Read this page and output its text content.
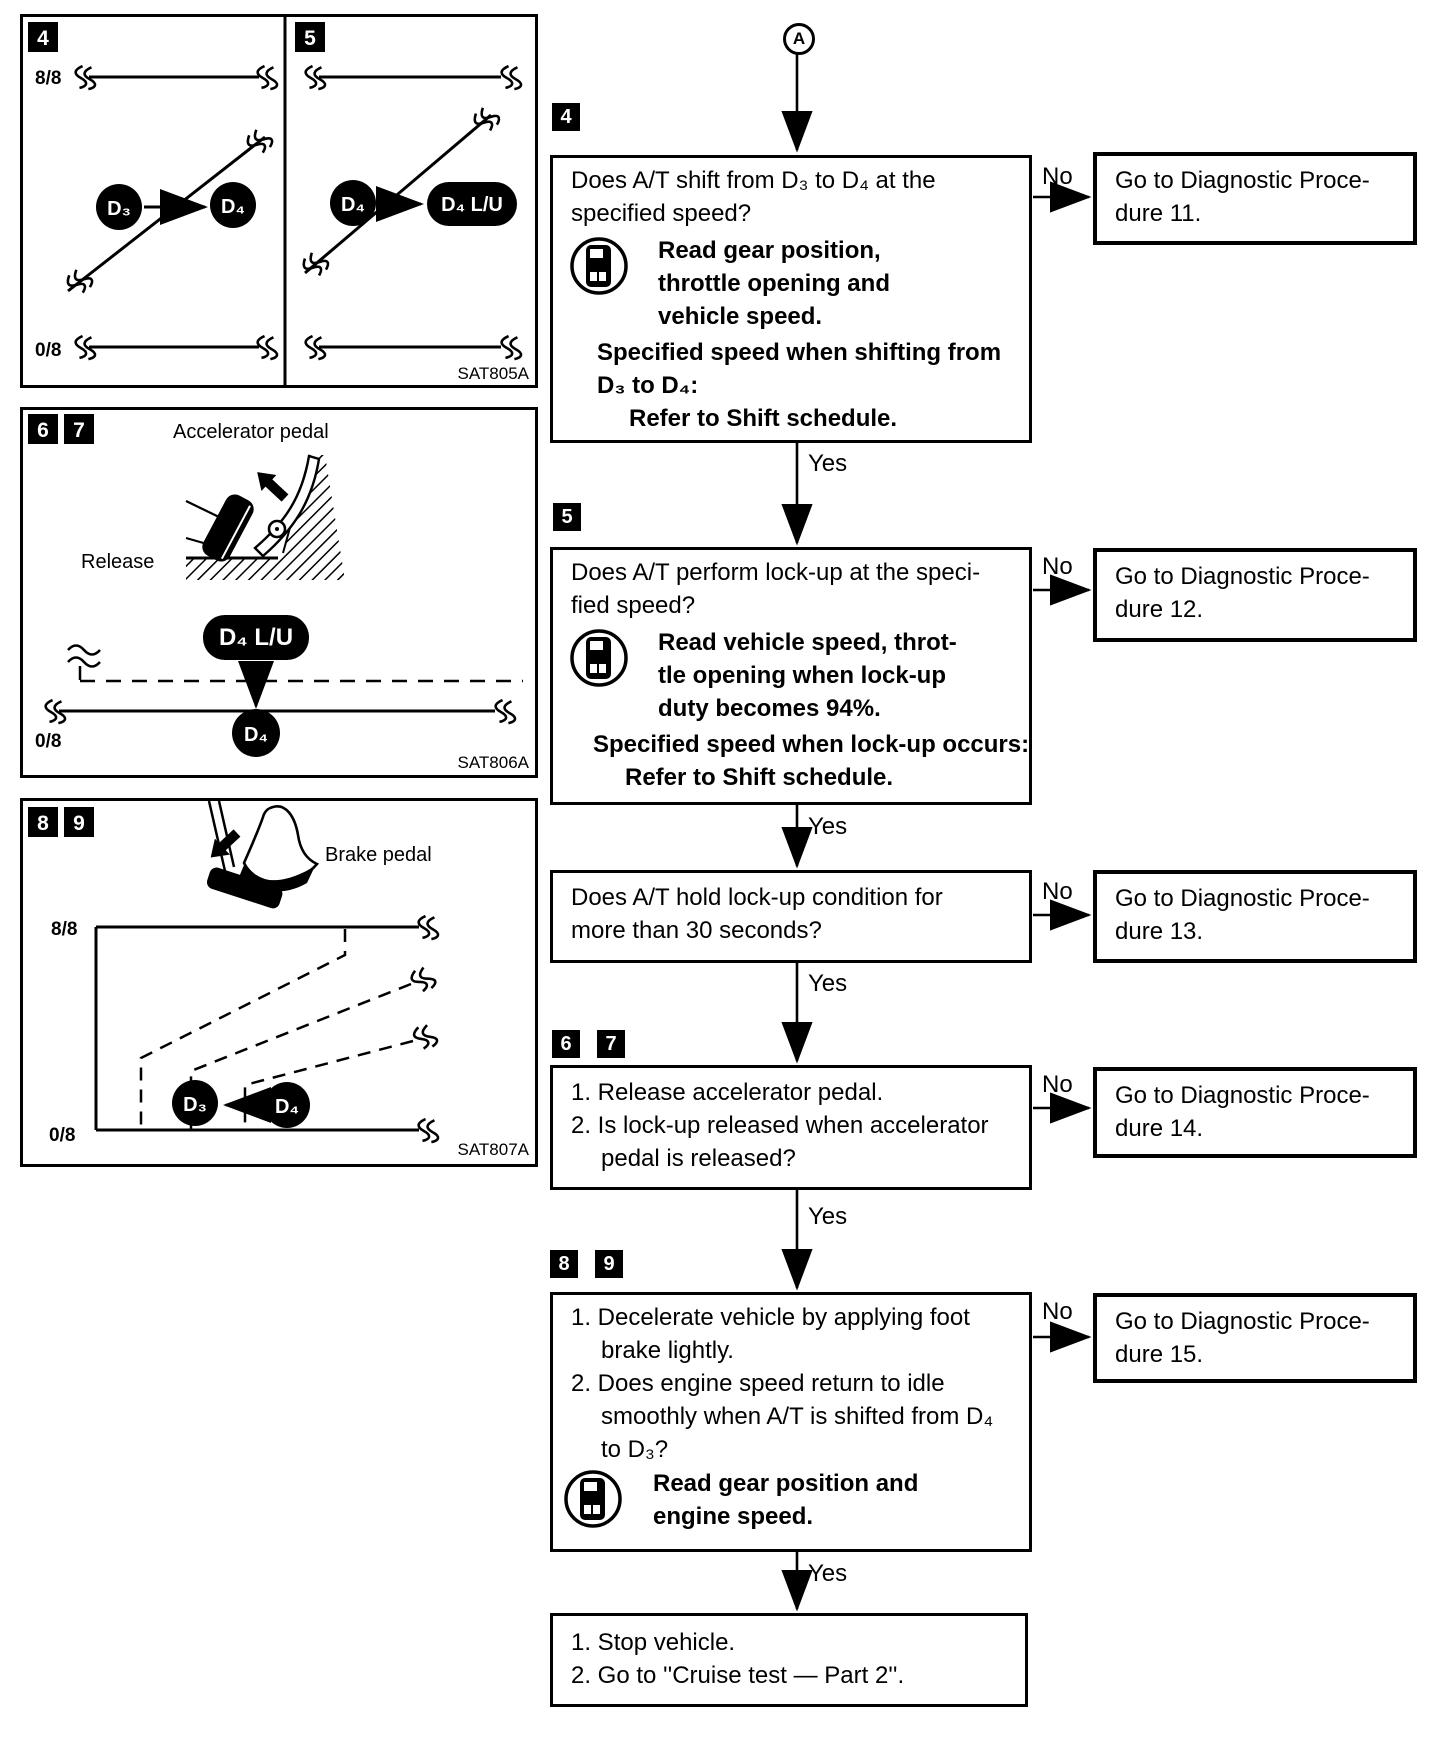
4	5
8/8
D₃	D₄
0/8
D₄	D₄ L/U
SAT805A
6 7	Accelerator pedal
Release
D₄ L/U
D₄
0/8
SAT806A
8 9
Brake pedal
8/8
0/8
D₃	D₄
SAT807A
A
4
5
6	7
8	9
Does A/T shift from D₃ to D₄ at the
specified speed?
Read gear position,
throttle opening and
vehicle speed.
Specified speed when shifting from
D₃ to D₄:
Refer to Shift schedule.
No Go to Diagnostic Proce-
dure 11.
Yes
Does A/T perform lock-up at the speci-
fied speed?
Read vehicle speed, throt-
tle opening when lock-up
duty becomes 94%.
Specified speed when lock-up occurs:
Refer to Shift schedule.
No Go to Diagnostic Proce-
dure 12.
Yes
Does A/T hold lock-up condition for
more than 30 seconds?
No Go to Diagnostic Proce-
dure 13.
Yes
1. Release accelerator pedal.
2. Is lock-up released when accelerator
pedal is released?
No Go to Diagnostic Proce-
dure 14.
Yes
1. Decelerate vehicle by applying foot
brake lightly.
2. Does engine speed return to idle
smoothly when A/T is shifted from D₄
to D₃?
Read gear position and
engine speed.
No Go to Diagnostic Proce-
dure 15.
Yes
1. Stop vehicle.
2. Go to ''Cruise test — Part 2''.
